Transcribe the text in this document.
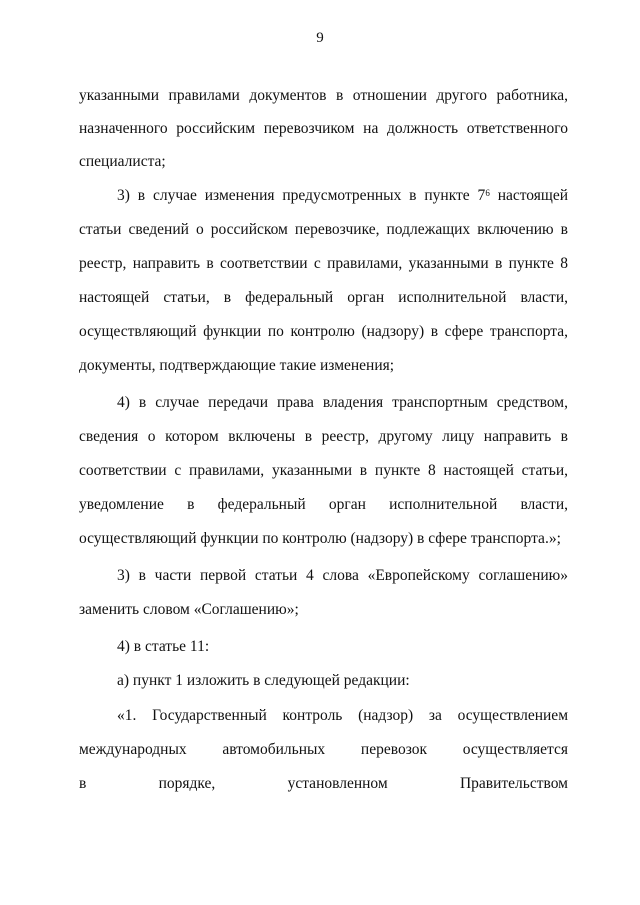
9
указанными правилами документов в отношении другого работника,
назначенного российским перевозчиком на должность ответственного
специалиста;
3) в случае изменения предусмотренных в пункте $7^6$ настоящей
статьи сведений о российском перевозчике, подлежащих включению в
реестр, направить в соответствии с правилами, указанными в пункте 8
настоящей статьи, в федеральный орган исполнительной власти,
осуществляющий функции по контролю (надзору) в сфере транспорта,
документы, подтверждающие такие изменения;
4) в случае передачи права владения транспортным средством,
сведения о котором включены в реестр, другому лицу направить в
соответствии с правилами, указанными в пункте 8 настоящей статьи,
уведомление в федеральный орган исполнительной власти,
осуществляющий функции по контролю (надзору) в сфере транспорта.»;
3) в части первой статьи 4 слова «Европейскому соглашению»
заменить словом «Соглашению»;
4) в статье 11:
а) пункт 1 изложить в следующей редакции:
«1. Государственный контроль (надзор) за осуществлением
международных автомобильных перевозок осуществляется
в порядке, установленном Правительством
